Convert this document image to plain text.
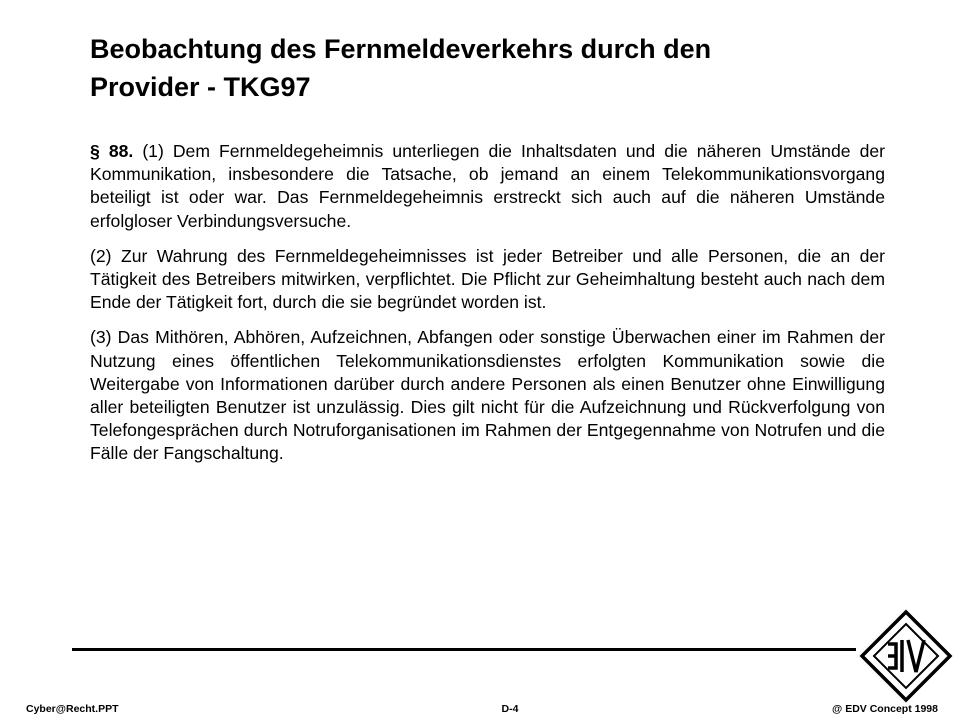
Beobachtung des Fernmeldeverkehrs durch den
Provider - TKG97

§ 88. (1) Dem Fernmeldegeheimnis unterliegen die Inhaltsdaten und die näheren Umstände der Kommunikation, insbesondere die Tatsache, ob jemand an einem Telekommunikationsvorgang beteiligt ist oder war. Das Fernmeldegeheimnis erstreckt sich auch auf die näheren Umstände erfolgloser Verbindungsversuche.

(2) Zur Wahrung des Fernmeldegeheimnisses ist jeder Betreiber und alle Personen, die an der Tätigkeit des Betreibers mitwirken, verpflichtet. Die Pflicht zur Geheimhaltung besteht auch nach dem Ende der Tätigkeit fort, durch die sie begründet worden ist.

(3) Das Mithören, Abhören, Aufzeichnen, Abfangen oder sonstige Überwachen einer im Rahmen der Nutzung eines öffentlichen Telekommunikationsdienstes erfolgten Kommunikation sowie die Weitergabe von Informationen darüber durch andere Personen als einen Benutzer ohne Einwilligung aller beteiligten Benutzer ist unzulässig. Dies gilt nicht für die Aufzeichnung und Rückverfolgung von Telefongesprächen durch Notruforganisationen im Rahmen der Entgegennahme von Notrufen und die Fälle der Fangschaltung.

Cyber@Recht.PPT	D-4	@ EDV Concept 1998
